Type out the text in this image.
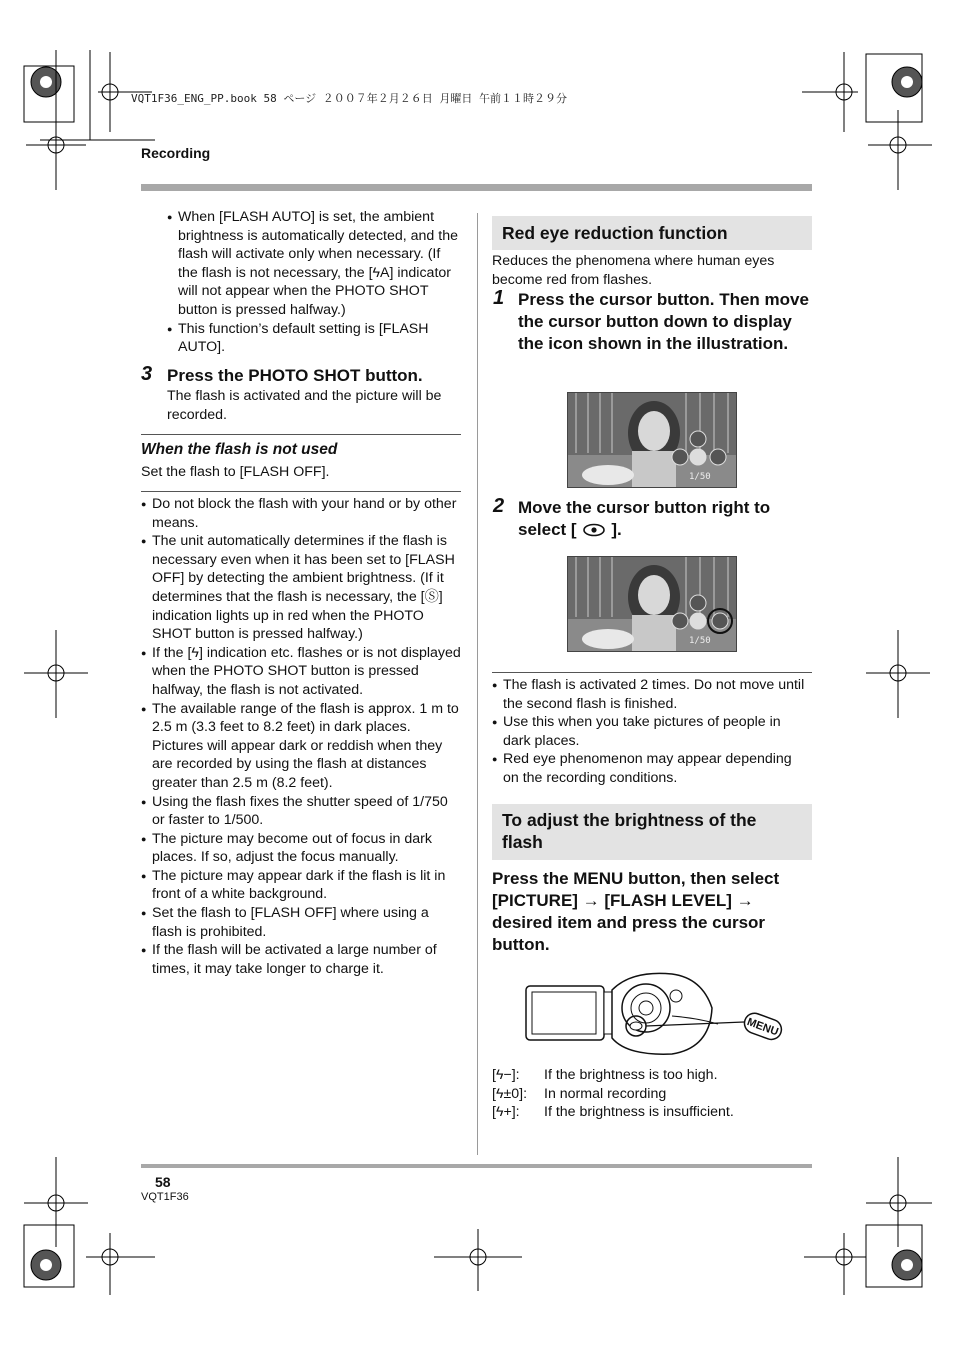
VQT1F36_ENG_PP.book 58 ページ ２００７年２月２６日 月曜日 午前１１時２９分
Recording
● When [FLASH AUTO] is set, the ambient brightness is automatically detected, and the flash will activate only when necessary. (If the flash is not necessary, the [ϟA] indicator will not appear when the PHOTO SHOT button is pressed halfway.)
● This function’s default setting is [FLASH AUTO].
3 Press the PHOTO SHOT button.
The flash is activated and the picture will be recorded.
When the flash is not used
Set the flash to [FLASH OFF].
● Do not block the flash with your hand or by other means.
● The unit automatically determines if the flash is necessary even when it has been set to [FLASH OFF] by detecting the ambient brightness. (If it determines that the flash is necessary, the [Ⓢ] indication lights up in red when the PHOTO SHOT button is pressed halfway.)
● If the [ϟ] indication etc. flashes or is not displayed when the PHOTO SHOT button is pressed halfway, the flash is not activated.
● The available range of the flash is approx. 1 m to 2.5 m (3.3 feet to 8.2 feet) in dark places. Pictures will appear dark or reddish when they are recorded by using the flash at distances greater than 2.5 m (8.2 feet).
● Using the flash fixes the shutter speed of 1/750 or faster to 1/500.
● The picture may become out of focus in dark places. If so, adjust the focus manually.
● The picture may appear dark if the flash is lit in front of a white background.
● Set the flash to [FLASH OFF] where using a flash is prohibited.
● If the flash will be activated a large number of times, it may take longer to charge it.
Red eye reduction function
Reduces the phenomena where human eyes become red from flashes.
1 Press the cursor button. Then move the cursor button down to display the icon shown in the illustration.
1/50
2 Move the cursor button right to
select [ ].
1/50
● The flash is activated 2 times. Do not move until the second flash is finished.
● Use this when you take pictures of people in dark places.
● Red eye phenomenon may appear depending on the recording conditions.
To adjust the brightness of the flash
Press the MENU button, then select [PICTURE] → [FLASH LEVEL] → desired item and press the cursor button.
MENU
[ϟ−]: If the brightness is too high.
[ϟ±0]: In normal recording
[ϟ+]: If the brightness is insufficient.
58
VQT1F36
